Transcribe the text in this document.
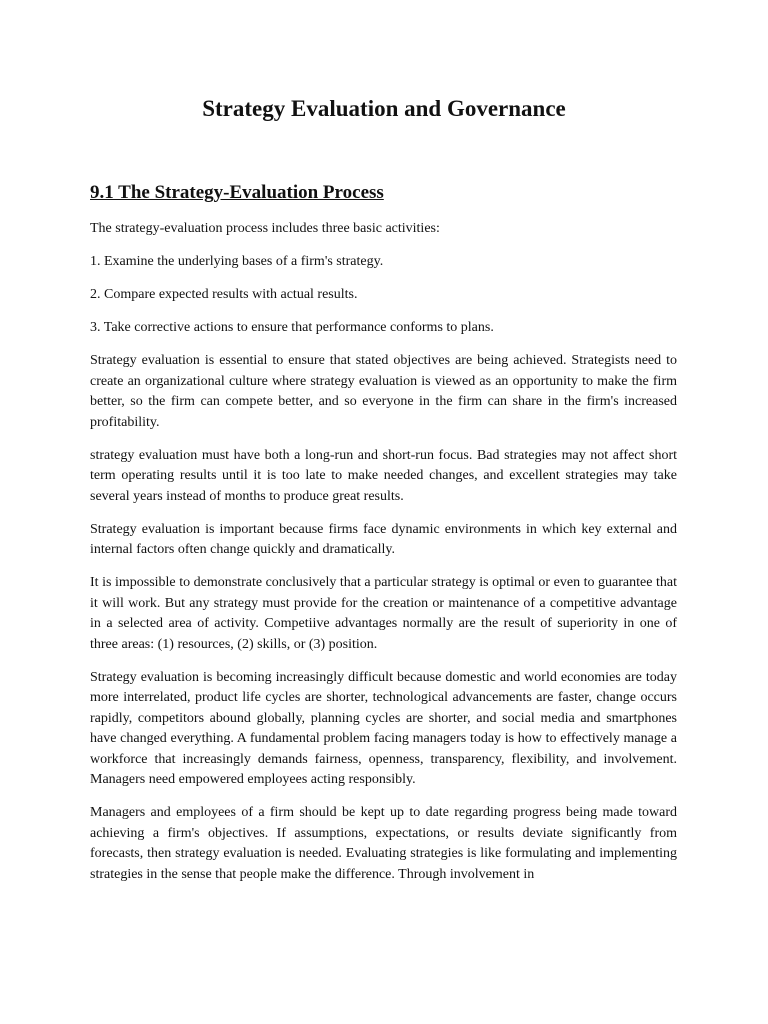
Strategy Evaluation and Governance
9.1 The Strategy-Evaluation Process

The strategy-evaluation process includes three basic activities:

1. Examine the underlying bases of a firm's strategy.

2. Compare expected results with actual results.

3. Take corrective actions to ensure that performance conforms to plans.

Strategy evaluation is essential to ensure that stated objectives are being achieved. Strategists need to create an organizational culture where strategy evaluation is viewed as an opportunity to make the firm better, so the firm can compete better, and so everyone in the firm can share in the firm's increased profitability.

strategy evaluation must have both a long-run and short-run focus. Bad strategies may not affect short term operating results until it is too late to make needed changes, and excellent strategies may take several years instead of months to produce great results.

Strategy evaluation is important because firms face dynamic environments in which key external and internal factors often change quickly and dramatically.

It is impossible to demonstrate conclusively that a particular strategy is optimal or even to guarantee that it will work. But any strategy must provide for the creation or maintenance of a competitive advantage in a selected area of activity. Competiive advantages normally are the result of superiority in one of three areas: (1) resources, (2) skills, or (3) position.

Strategy evaluation is becoming increasingly difficult because domestic and world economies are today more interrelated, product life cycles are shorter, technological advancements are faster, change occurs rapidly, competitors abound globally, planning cycles are shorter, and social media and smartphones have changed everything. A fundamental problem facing managers today is how to effectively manage a workforce that increasingly demands fairness, openness, transparency, flexibility, and involvement. Managers need empowered employees acting responsibly.

Managers and employees of a firm should be kept up to date regarding progress being made toward achieving a firm's objectives. If assumptions, expectations, or results deviate significantly from forecasts, then strategy evaluation is needed. Evaluating strategies is like formulating and implementing strategies in the sense that people make the difference. Through involvement in
